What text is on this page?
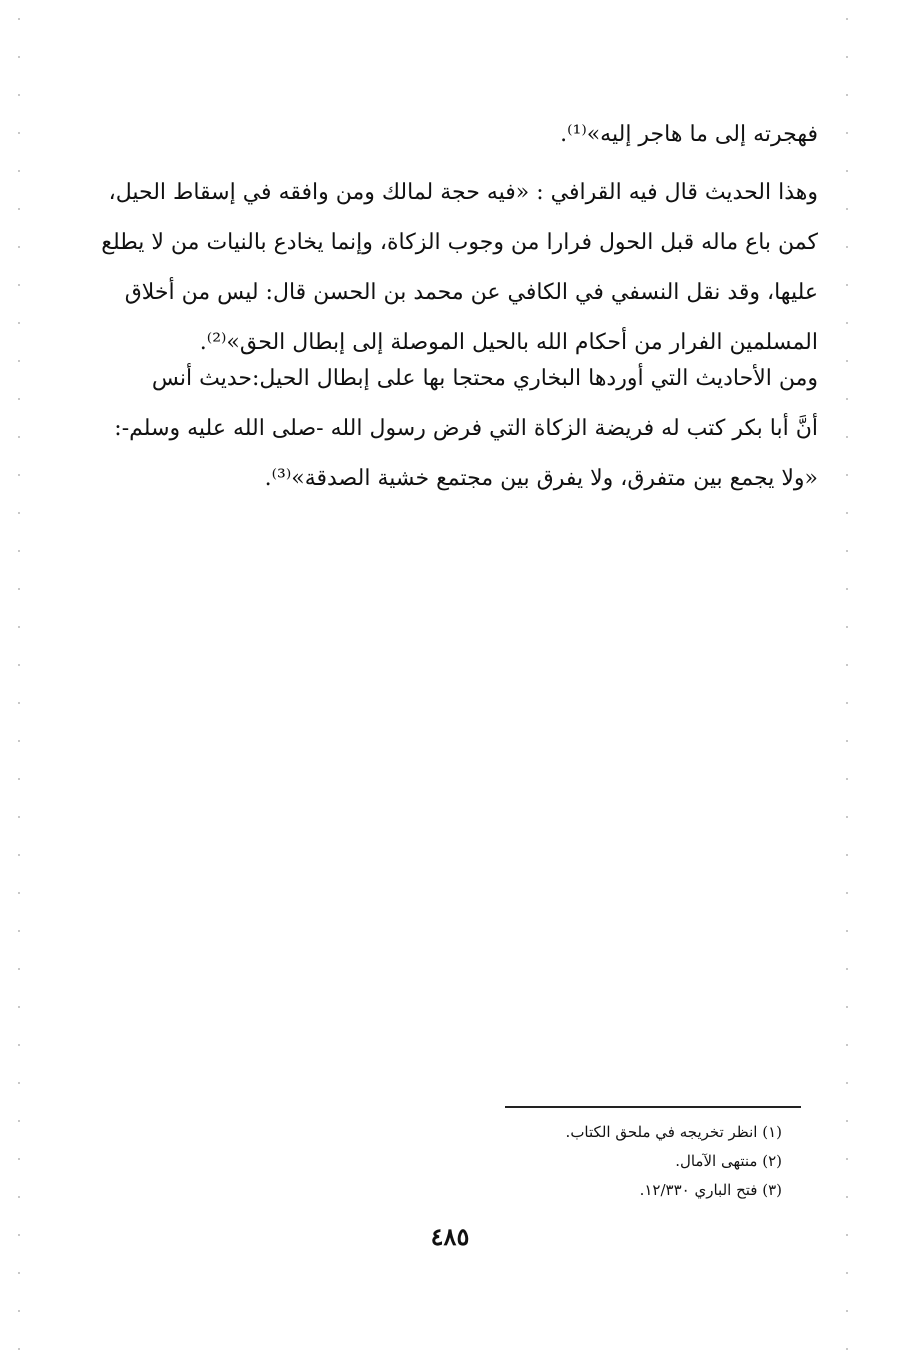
فهجرته إلى ما هاجر إليه»⁽¹⁾.
وهذا الحديث قال فيه القرافي : «فيه حجة لمالك ومن وافقه في إسقاط الحيل،
كمن باع ماله قبل الحول فرارا من وجوب الزكاة، وإنما يخادع بالنيات من لا يطلع
عليها، وقد نقل النسفي في الكافي عن محمد بن الحسن قال: ليس من أخلاق
المسلمين الفرار من أحكام الله بالحيل الموصلة إلى إبطال الحق»⁽²⁾.
ومن الأحاديث التي أوردها البخاري محتجا بها على إبطال الحيل:حديث أنس
أنَّ أبا بكر كتب له فريضة الزكاة التي فرض رسول الله -صلى الله عليه وسلم-:
«ولا يجمع بين متفرق، ولا يفرق بين مجتمع خشية الصدقة»⁽³⁾.
(١) انظر تخريجه في ملحق الكتاب.
(٢) منتهى الآمال.
(٣) فتح الباري ١٢/٣٣٠.
٤٨٥
